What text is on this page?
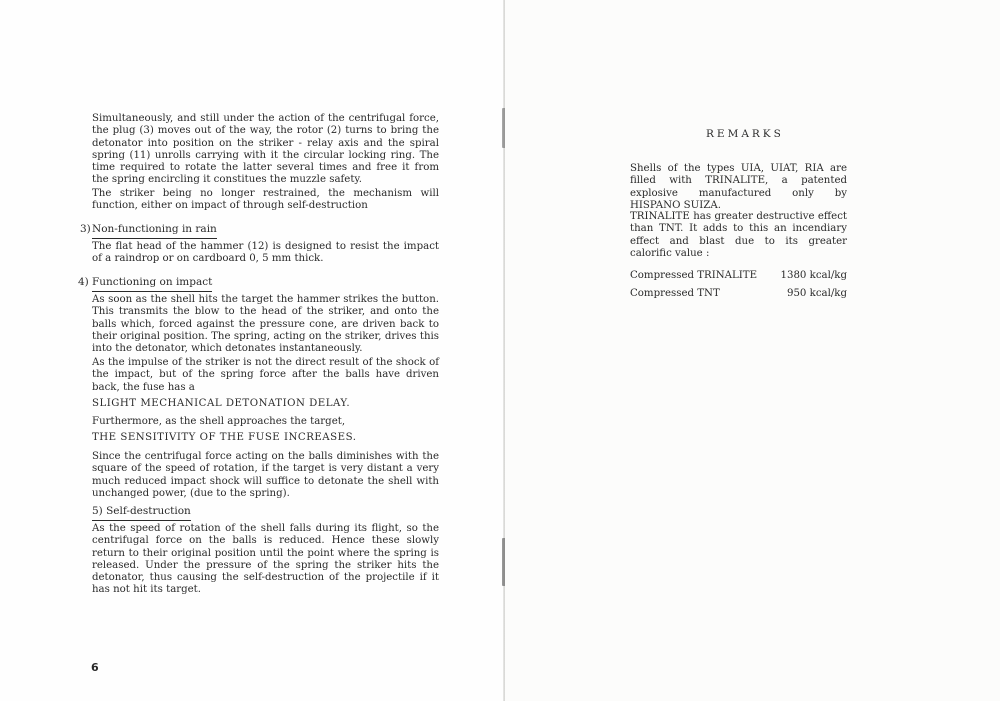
Simultaneously, and still under the action of the centrifugal force, the plug (3) moves out of the way, the rotor (2) turns to bring the detonator into position on the striker - relay axis and the spiral spring (11) unrolls carrying with it the circular locking ring. The time required to rotate the latter several times and free it from the spring encircling it constitues the muzzle safety.

The striker being no longer restrained, the mechanism will function, either on impact of through self-destruction

3) Non-functioning in rain

The flat head of the hammer (12) is designed to resist the impact of a raindrop or on cardboard 0, 5 mm thick.

4) Functioning on impact

As soon as the shell hits the target the hammer strikes the button. This transmits the blow to the head of the striker, and onto the balls which, forced against the pressure cone, are driven back to their original position. The spring, acting on the striker, drives this into the detonator, which detonates instantaneously.

As the impulse of the striker is not the direct result of the shock of the impact, but of the spring force after the balls have driven back, the fuse has a

SLIGHT MECHANICAL DETONATION DELAY.

Furthermore, as the shell approaches the target,

THE SENSITIVITY OF THE FUSE INCREASES.

Since the centrifugal force acting on the balls diminishes with the square of the speed of rotation, if the target is very distant a very much reduced impact shock will suffice to detonate the shell with unchanged power, (due to the spring).

5) Self-destruction

As the speed of rotation of the shell falls during its flight, so the centrifugal force on the balls is reduced. Hence these slowly return to their original position until the point where the spring is released. Under the pressure of the spring the striker hits the detonator, thus causing the self-destruction of the projectile if it has not hit its target.

6

REMARKS

Shells of the types UIA, UIAT, RIA are filled with TRINALITE, a patented explosive manufactured only by HISPANO SUIZA.

TRINALITE has greater destructive effect than TNT. It adds to this an incendiary effect and blast due to its greater calorific value :

Compressed TRINALITE 1380 kcal/kg
Compressed TNT	950 kcal/kg
